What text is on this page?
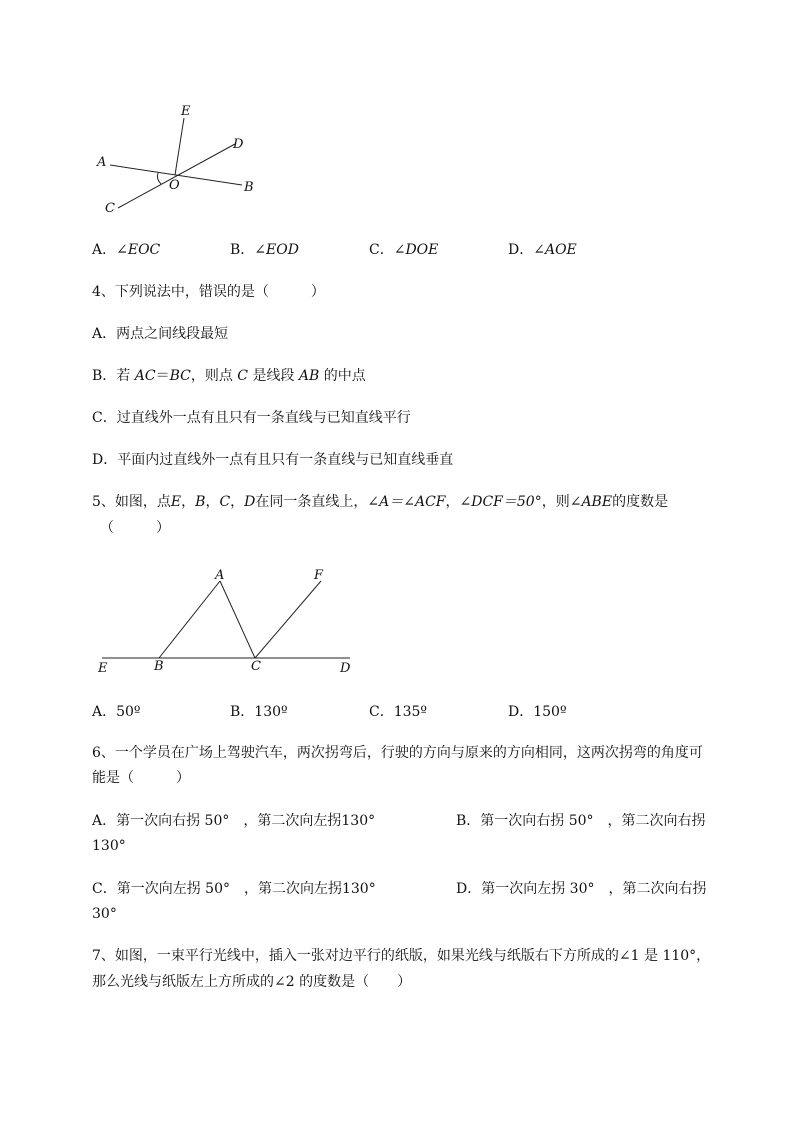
E
D
A
O	B
C
A．∠EOC	B．∠EOD	C．∠DOE	D．∠AOE
4、下列说法中，错误的是（　　　）
A．两点之间线段最短
B．若 AC＝BC，则点 C 是线段 AB 的中点
C．过直线外一点有且只有一条直线与已知直线平行
D．平面内过直线外一点有且只有一条直线与已知直线垂直
5、如图，点E，B，C，D在同一条直线上，∠A＝∠ACF，∠DCF＝50°，则∠ABE的度数是
（　　　）
A	F
E	B	C	D
A．50º	B．130º	C．135º	D．150º
6、一个学员在广场上驾驶汽车，两次拐弯后，行驶的方向与原来的方向相同，这两次拐弯的角度可
能是（　　　）
A．第一次向右拐 50°　，第二次向左拐130°	B．第一次向右拐 50°　，第二次向右拐
130°
C．第一次向左拐 50°　，第二次向左拐130°	D．第一次向左拐 30°　，第二次向右拐
30°
7、如图，一束平行光线中，插入一张对边平行的纸版，如果光线与纸版右下方所成的∠1 是 110°，
那么光线与纸版左上方所成的∠2 的度数是（　　）
